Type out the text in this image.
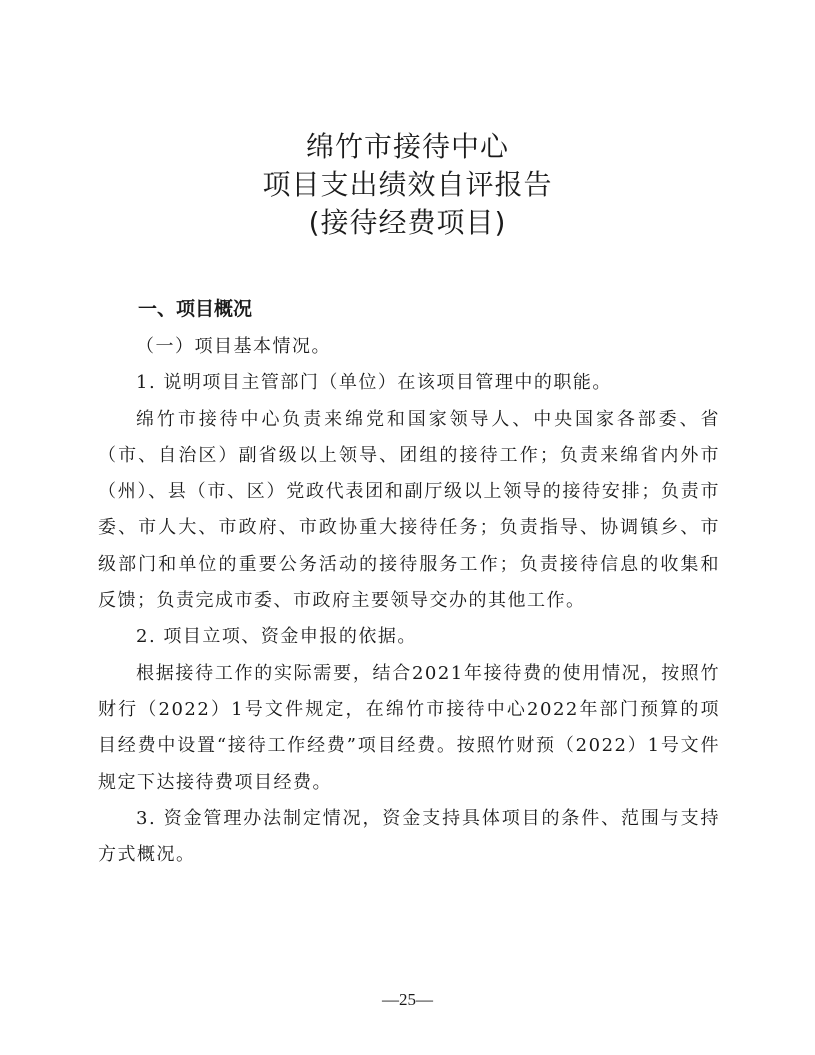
绵竹市接待中心
项目支出绩效自评报告
(接待经费项目)
一、项目概况

（一）项目基本情况。

1. 说明项目主管部门（单位）在该项目管理中的职能。

绵竹市接待中心负责来绵党和国家领导人、中央国家各部委、省（市、自治区）副省级以上领导、团组的接待工作；负责来绵省内外市（州）、县（市、区）党政代表团和副厅级以上领导的接待安排；负责市委、市人大、市政府、市政协重大接待任务；负责指导、协调镇乡、市级部门和单位的重要公务活动的接待服务工作；负责接待信息的收集和反馈；负责完成市委、市政府主要领导交办的其他工作。

2. 项目立项、资金申报的依据。

根据接待工作的实际需要，结合2021年接待费的使用情况，按照竹财行（2022）1号文件规定，在绵竹市接待中心2022年部门预算的项目经费中设置“接待工作经费”项目经费。按照竹财预（2022）1号文件规定下达接待费项目经费。

3. 资金管理办法制定情况，资金支持具体项目的条件、范围与支持方式概况。

—25—
